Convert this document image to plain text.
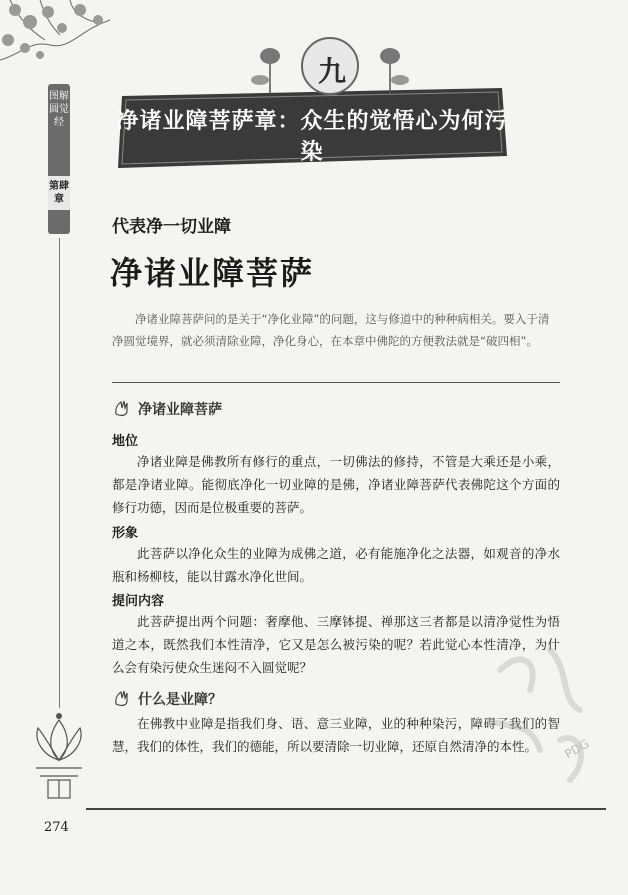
图解圆觉经
第肆章
九
净诸业障菩萨章：众生的觉悟心为何污染
代表净一切业障
净诸业障菩萨

净诸业障菩萨问的是关于“净化业障”的问题，这与修道中的种种病相关。要入于清净圆觉境界，就必须清除业障，净化身心，在本章中佛陀的方便教法就是“破四相”。

净诸业障菩萨
地位

净诸业障是佛教所有修行的重点，一切佛法的修持，不管是大乘还是小乘，都是净诸业障。能彻底净化一切业障的是佛，净诸业障菩萨代表佛陀这个方面的修行功德，因而是位极重要的菩萨。

形象

此菩萨以净化众生的业障为成佛之道，必有能施净化之法器，如观音的净水瓶和杨柳枝，能以甘露水净化世间。

提问内容

此菩萨提出两个问题：奢摩他、三摩钵提、禅那这三者都是以清净觉性为悟道之本，既然我们本性清净，它又是怎么被污染的呢？若此觉心本性清净，为什么会有染污使众生迷闷不入圆觉呢？

什么是业障？

在佛教中业障是指我们身、语、意三业障，业的种种染污，障碍了我们的智慧，我们的体性，我们的德能，所以要清除一切业障，还原自然清净的本性。	PDG
274
